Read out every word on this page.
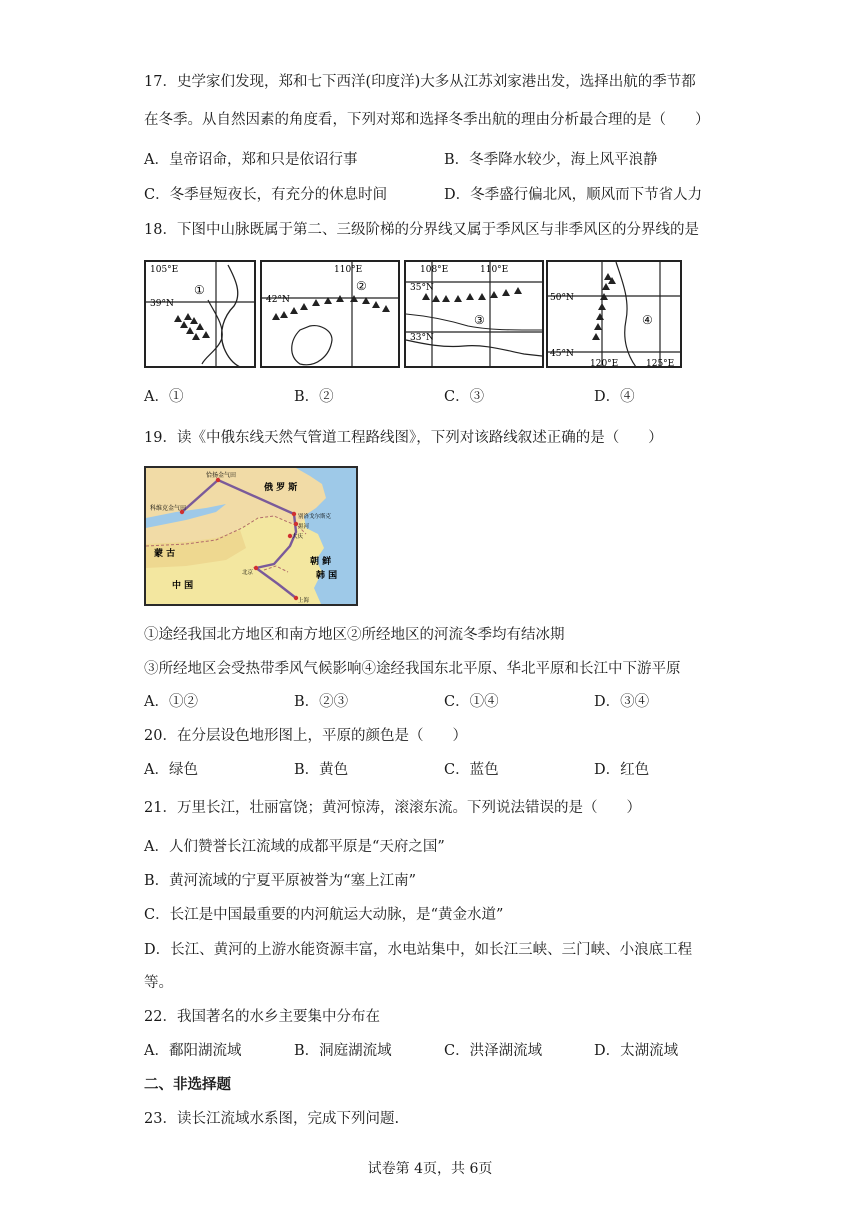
17．史学家们发现，郑和七下西洋(印度洋)大多从江苏刘家港出发，选择出航的季节都
在冬季。从自然因素的角度看，下列对郑和选择冬季出航的理由分析最合理的是（　　）
A．皇帝诏命，郑和只是依诏行事	B．冬季降水较少，海上风平浪静
C．冬季昼短夜长，有充分的休息时间	D．冬季盛行偏北风，顺风而下节省人力
18．下图中山脉既属于第二、三级阶梯的分界线又属于季风区与非季风区的分界线的是
105°E
39°N
①
110°E
42°N
②
108°E	110°E
35°N
33°N
③
50°N
45°N
120°E	125°E
④
A．①	B．②	C．③	D．④
19．读《中俄东线天然气管道工程路线图》，下列对该路线叙述正确的是（　　）
科维克金气田
恰扬金气田
俄 罗 斯
别洛戈尔斯克
黑河
大庆
蒙 古
朝 鲜
韩 国
中 国
北京
上海
①途经我国北方地区和南方地区②所经地区的河流冬季均有结冰期
③所经地区会受热带季风气候影响④途经我国东北平原、华北平原和长江中下游平原
A．①②	B．②③	C．①④	D．③④
20．在分层设色地形图上，平原的颜色是（　　）
A．绿色	B．黄色	C．蓝色	D．红色
21．万里长江，壮丽富饶；黄河惊涛，滚滚东流。下列说法错误的是（　　）
A．人们赞誉长江流域的成都平原是“天府之国”
B．黄河流域的宁夏平原被誉为“塞上江南”
C．长江是中国最重要的内河航运大动脉，是“黄金水道”
D．长江、黄河的上游水能资源丰富，水电站集中，如长江三峡、三门峡、小浪底工程
等。
22．我国著名的水乡主要集中分布在
A．鄱阳湖流域	B．洞庭湖流域	C．洪泽湖流域	D．太湖流域
二、非选择题
23．读长江流域水系图，完成下列问题.
试卷第 4页，共 6页
